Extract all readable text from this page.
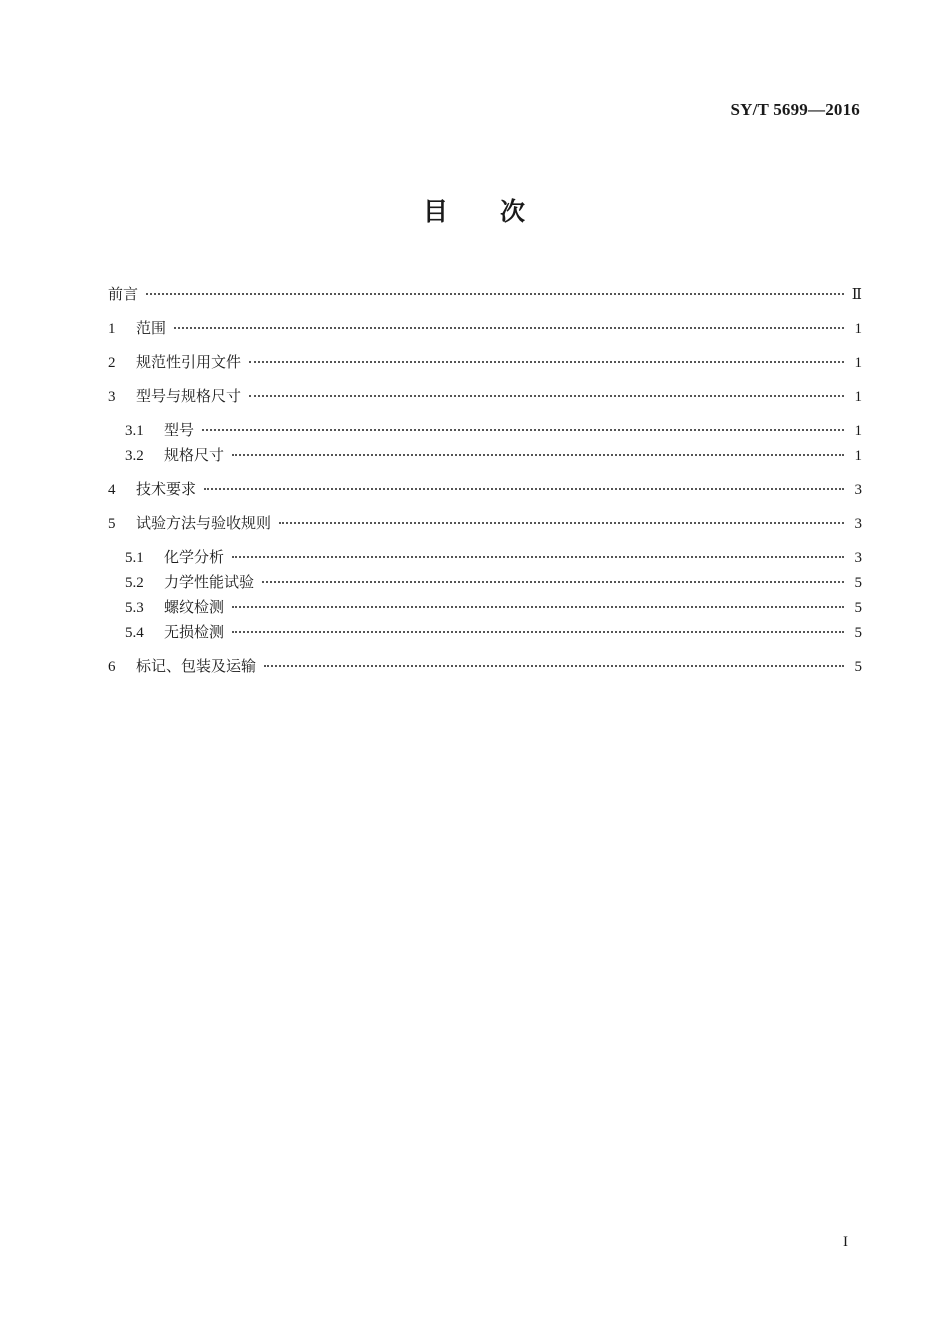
SY/T 5699—2016
目 次
前言	Ⅱ
1	范围	1
2	规范性引用文件	1
3	型号与规格尺寸	1
3.1	型号	1
3.2	规格尺寸	1
4	技术要求	3
5	试验方法与验收规则	3
5.1	化学分析	3
5.2	力学性能试验	5
5.3	螺纹检测	5
5.4	无损检测	5
6	标记、包装及运输	5
I
